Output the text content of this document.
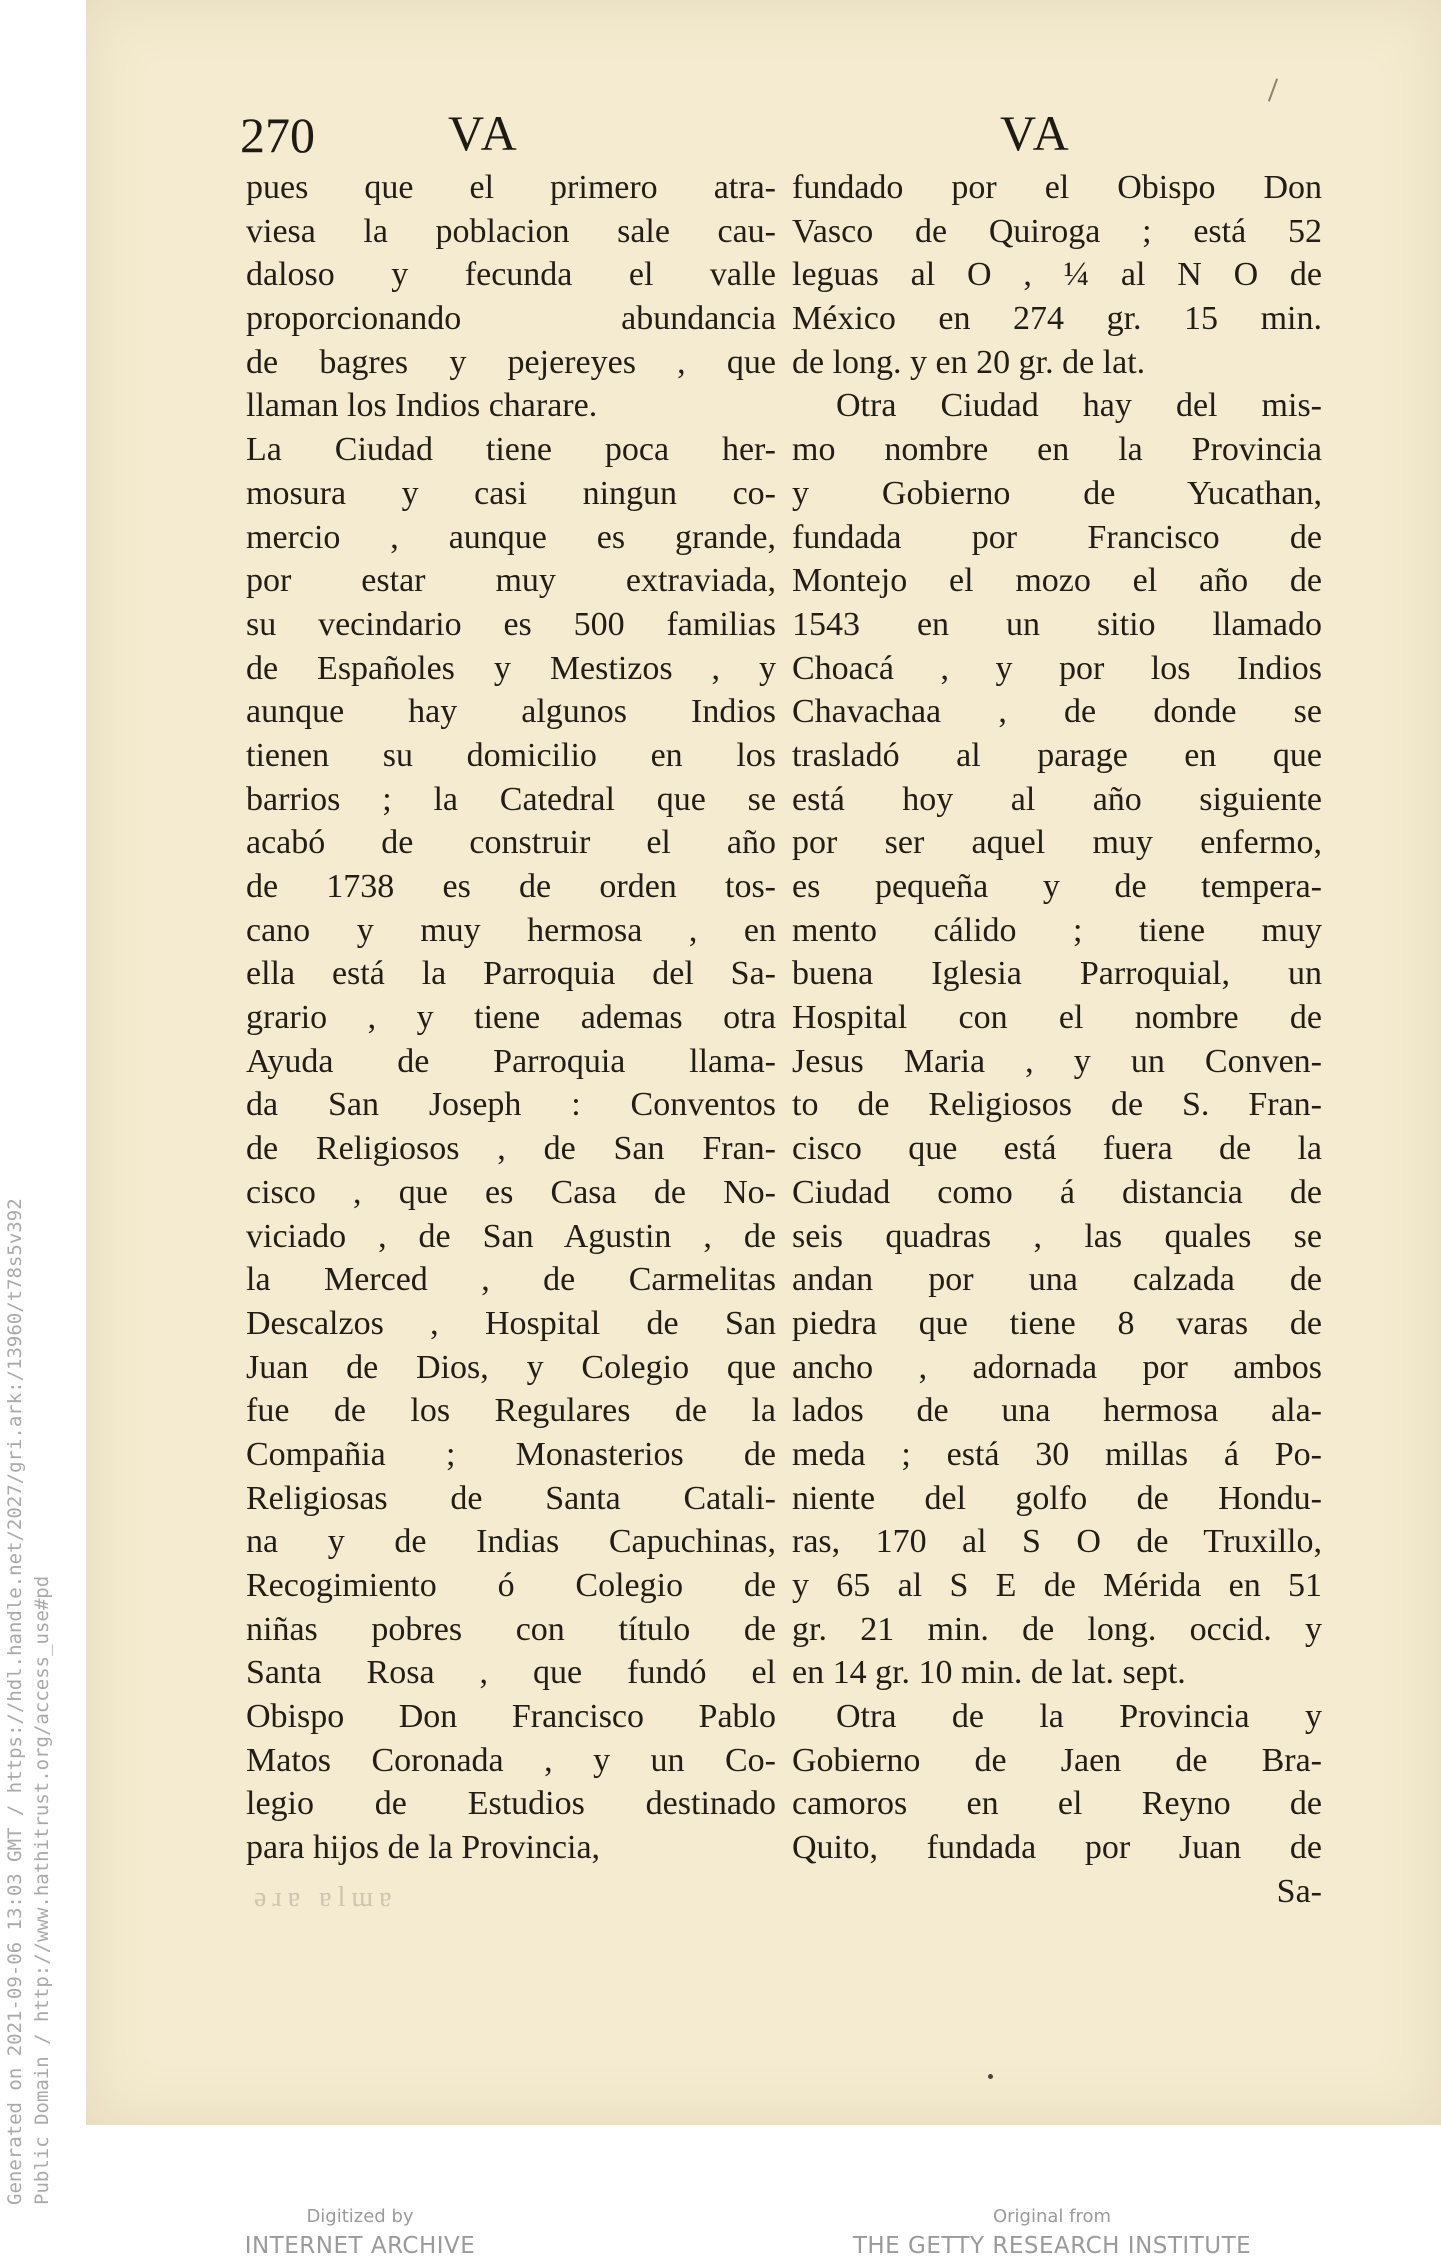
Generated on 2021-09-06 13:03 GMT / https://hdl.handle.net/2027/gri.ark:/13960/t78s5v392 Public Domain / http://www.hathitrust.org/access_use#pd
270	VA	VA
pues que el primero atra-
viesa la poblacion sale cau-
daloso y fecunda el valle
proporcionando abundancia
de bagres y pejereyes , que
llaman los Indios charare.
La Ciudad tiene poca her-
mosura y casi ningun co-
mercio , aunque es grande,
por estar muy extraviada,
su vecindario es 500 familias
de Españoles y Mestizos , y
aunque hay algunos Indios
tienen su domicilio en los
barrios ; la Catedral que se
acabó de construir el año
de 1738 es de orden tos-
cano y muy hermosa , en
ella está la Parroquia del Sa-
grario , y tiene ademas otra
Ayuda de Parroquia llama-
da San Joseph : Conventos
de Religiosos , de San Fran-
cisco , que es Casa de No-
viciado , de San Agustin , de
la Merced , de Carmelitas
Descalzos , Hospital de San
Juan de Dios, y Colegio que
fue de los Regulares de la
Compañia ; Monasterios de
Religiosas de Santa Catali-
na y de Indias Capuchinas,
Recogimiento ó Colegio de
niñas pobres con título de
Santa Rosa , que fundó el
Obispo Don Francisco Pablo
Matos Coronada , y un Co-
legio de Estudios destinado
para hijos de la Provincia,
fundado por el Obispo Don
Vasco de Quiroga ; está 52
leguas al O , ¼ al N O de
México en 274 gr. 15 min.
de long. y en 20 gr. de lat.
Otra Ciudad hay del mis-
mo nombre en la Provincia
y Gobierno de Yucathan,
fundada por Francisco de
Montejo el mozo el año de
1543 en un sitio llamado
Choacá , y por los Indios
Chavachaa , de donde se
trasladó al parage en que
está hoy al año siguiente
por ser aquel muy enfermo,
es pequeña y de tempera-
mento cálido ; tiene muy
buena Iglesia Parroquial, un
Hospital con el nombre de
Jesus Maria , y un Conven-
to de Religiosos de S. Fran-
cisco que está fuera de la
Ciudad como á distancia de
seis quadras , las quales se
andan por una calzada de
piedra que tiene 8 varas de
ancho , adornada por ambos
lados de una hermosa ala-
meda ; está 30 millas á Po-
niente del golfo de Hondu-
ras, 170 al S O de Truxillo,
y 65 al S E de Mérida en 51
gr. 21 min. de long. occid. y
en 14 gr. 10 min. de lat. sept.
Otra de la Provincia y
Gobierno de Jaen de Bra-
camoros en el Reyno de
Quito, fundada por Juan de
Sa-
ǝɹɐ ɐlɯɐ
Digitized by
INTERNET ARCHIVE
Original from
THE GETTY RESEARCH INSTITUTE
